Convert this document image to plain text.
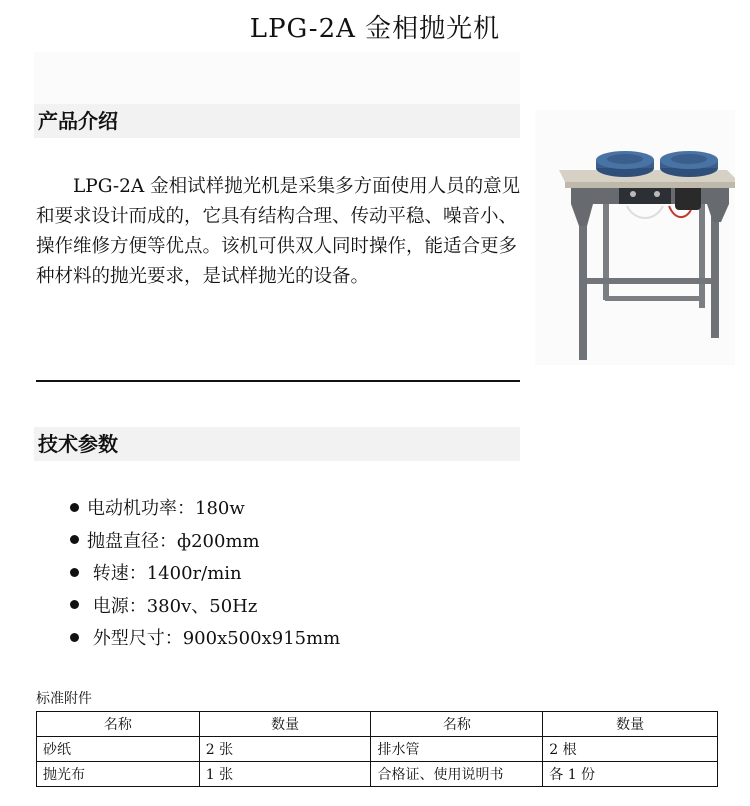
LPG-2A 金相抛光机
产品介绍
LPG-2A 金相试样抛光机是采集多方面使用人员的意见和要求设计而成的，它具有结构合理、传动平稳、噪音小、操作维修方便等优点。该机可供双人同时操作，能适合更多种材料的抛光要求，是试样抛光的设备。
技术参数
电动机功率：180w
抛盘直径：ф200mm
转速：1400r/min
电源：380v、50Hz
外型尺寸：900x500x915mm
标准附件
名称	数量	名称	数量
砂纸	2 张	排水管	2 根
抛光布	1 张	合格证、使用说明书	各 1 份
